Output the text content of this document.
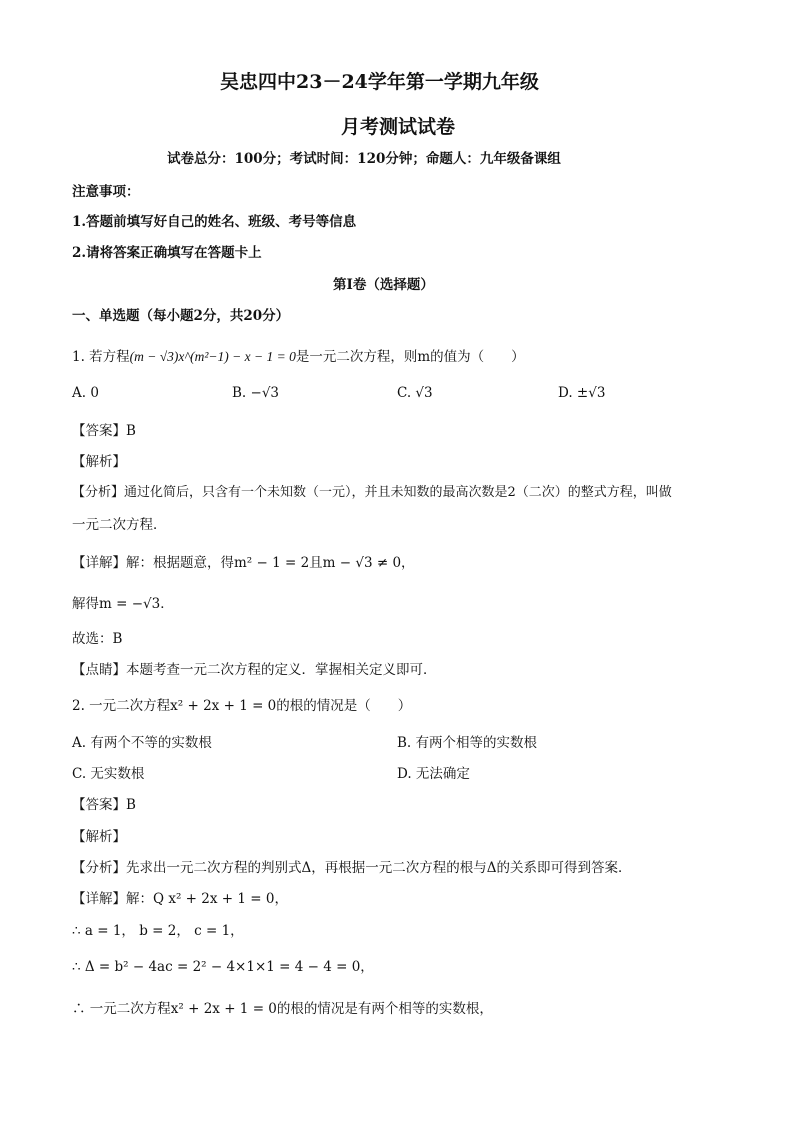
吴忠四中23－24学年第一学期九年级
月考测试试卷
试卷总分：100分；考试时间：120分钟；命题人：九年级备课组
注意事项：
1.答题前填写好自己的姓名、班级、考号等信息
2.请将答案正确填写在答题卡上
第I卷（选择题）
一、单选题（每小题2分，共20分）
1. 若方程(m − √3)x^(m²−1) − x − 1 = 0是一元二次方程，则m的值为（　　）
A. 0	B. −√3	C. √3	D. ±√3
【答案】B
【解析】
【分析】通过化简后，只含有一个未知数（一元），并且未知数的最高次数是2（二次）的整式方程，叫做
一元二次方程．
【详解】解：根据题意，得m² − 1 = 2且m − √3 ≠ 0，
解得m = −√3．
故选：B
【点睛】本题考查一元二次方程的定义．掌握相关定义即可．
2. 一元二次方程x² + 2x + 1 = 0的根的情况是（　　）
A. 有两个不等的实数根	B. 有两个相等的实数根
C. 无实数根	D. 无法确定
【答案】B
【解析】
【分析】先求出一元二次方程的判别式Δ，再根据一元二次方程的根与Δ的关系即可得到答案．
【详解】解：Q x² + 2x + 1 = 0，
∴ a = 1， b = 2， c = 1，
∴ Δ = b² − 4ac = 2² − 4×1×1 = 4 − 4 = 0，
∴ 一元二次方程x² + 2x + 1 = 0的根的情况是有两个相等的实数根，
